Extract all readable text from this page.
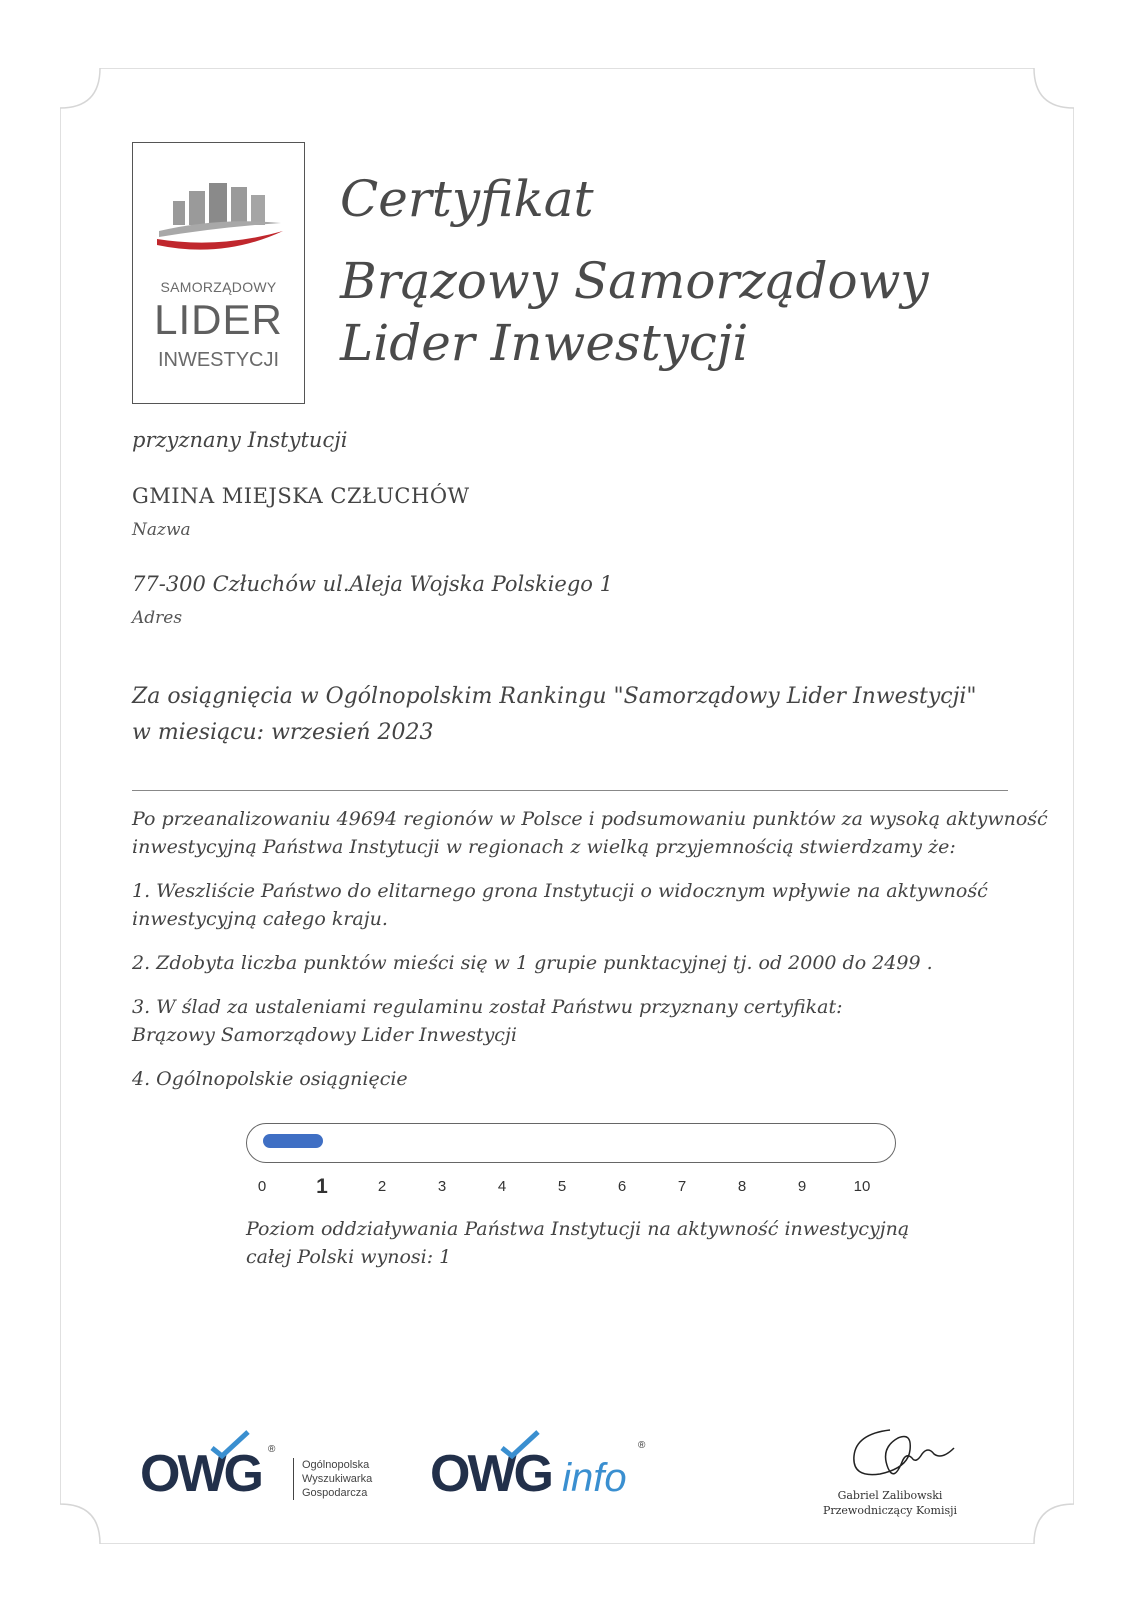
SAMORZĄDOWY
LIDER
INWESTYCJI
Certyfikat
Brązowy Samorządowy
Lider Inwestycji
przyznany Instytucji
GMINA MIEJSKA CZŁUCHÓW
Nazwa
77-300 Człuchów ul.Aleja Wojska Polskiego 1
Adres
Za osiągnięcia w Ogólnopolskim Rankingu "Samorządowy Lider Inwestycji"
w miesiącu: wrzesień 2023
Po przeanalizowaniu 49694 regionów w Polsce i podsumowaniu punktów za wysoką aktywność
inwestycyjną Państwa Instytucji w regionach z wielką przyjemnością stwierdzamy że:
1. Weszliście Państwo do elitarnego grona Instytucji o widocznym wpływie na aktywność
inwestycyjną całego kraju.
2. Zdobyta liczba punktów mieści się w 1 grupie punktacyjnej tj. od 2000 do 2499 .
3. W ślad za ustaleniami regulaminu został Państwu przyznany certyfikat:
Brązowy Samorządowy Lider Inwestycji
4. Ogólnopolskie osiągnięcie
0 1	2	3	4	5	6	7	8	9	10
Poziom oddziaływania Państwa Instytucji na aktywność inwestycyjną
całej Polski wynosi: 1
OWG ®
Ogólnopolska
Wyszukiwarka
Gospodarcza OWG info
®
Gabriel Zalibowski
Przewodniczący Komisji
